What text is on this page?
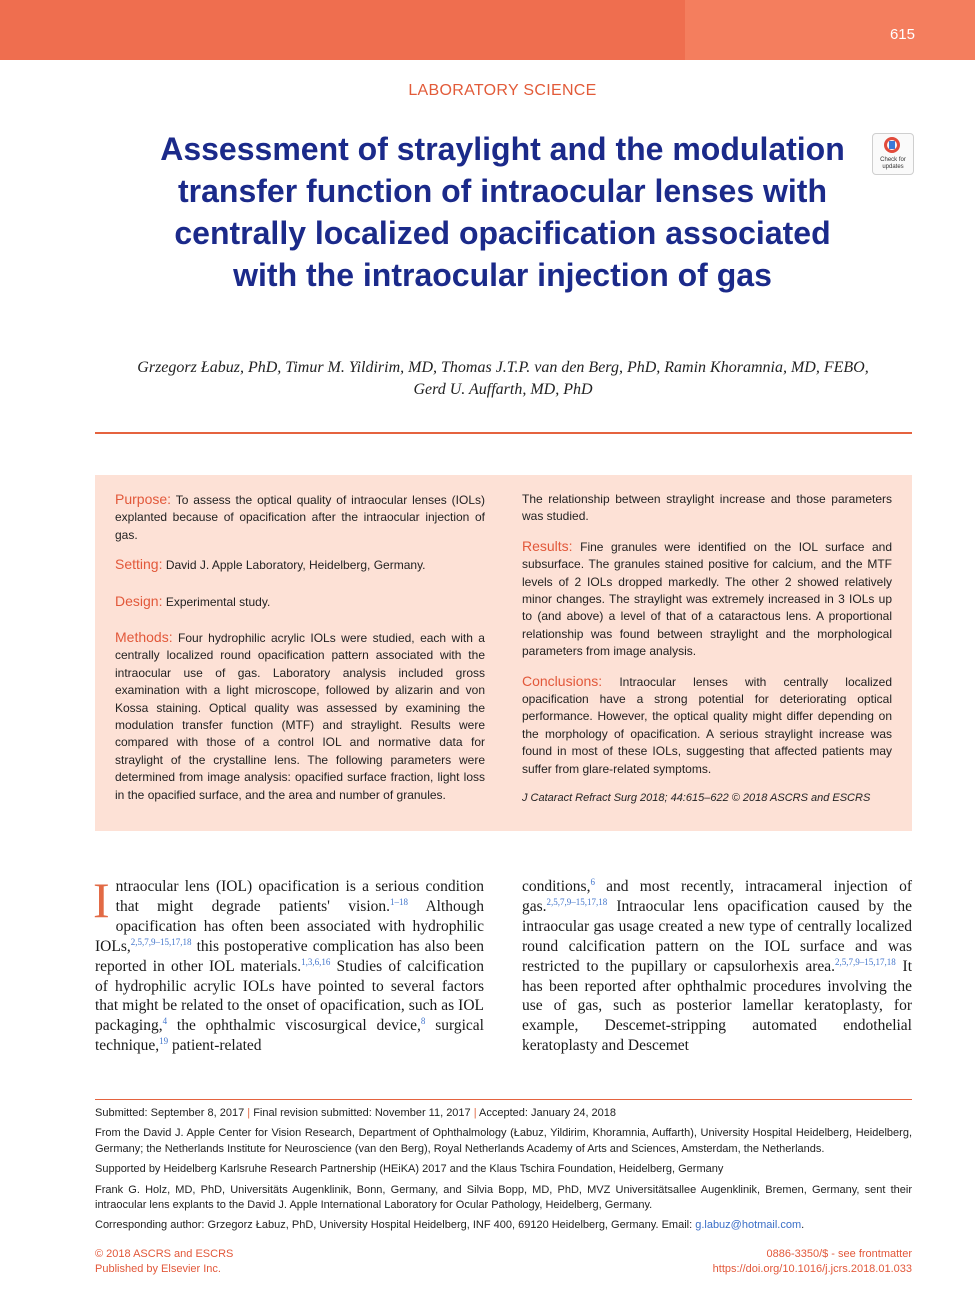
615
LABORATORY SCIENCE
Assessment of straylight and the modulation transfer function of intraocular lenses with centrally localized opacification associated with the intraocular injection of gas
Check for updates
Grzegorz Łabuz, PhD, Timur M. Yildirim, MD, Thomas J.T.P. van den Berg, PhD, Ramin Khoramnia, MD, FEBO,
Gerd U. Auffarth, MD, PhD

Purpose: To assess the optical quality of intraocular lenses (IOLs) explanted because of opacification after the intraocular injection of gas.

Setting: David J. Apple Laboratory, Heidelberg, Germany.

Design: Experimental study.

Methods: Four hydrophilic acrylic IOLs were studied, each with a centrally localized round opacification pattern associated with the intraocular use of gas. Laboratory analysis included gross examination with a light microscope, followed by alizarin and von Kossa staining. Optical quality was assessed by examining the modulation transfer function (MTF) and straylight. Results were compared with those of a control IOL and normative data for straylight of the crystalline lens. The following parameters were determined from image analysis: opacified surface fraction, light loss in the opacified surface, and the area and number of granules.

The relationship between straylight increase and those parameters was studied.

Results: Fine granules were identified on the IOL surface and subsurface. The granules stained positive for calcium, and the MTF levels of 2 IOLs dropped markedly. The other 2 showed relatively minor changes. The straylight was extremely increased in 3 IOLs up to (and above) a level of that of a cataractous lens. A proportional relationship was found between straylight and the morphological parameters from image analysis.

Conclusions: Intraocular lenses with centrally localized opacification have a strong potential for deteriorating optical performance. However, the optical quality might differ depending on the morphology of opacification. A serious straylight increase was found in most of these IOLs, suggesting that affected patients may suffer from glare-related symptoms.

J Cataract Refract Surg 2018; 44:615–622 © 2018 ASCRS and ESCRS

Intraocular lens (IOL) opacification is a serious condition that might degrade patients' vision.$^{1-18}$ Although opacification has often been associated with hydrophilic IOLs,$^{2,5,7,9-15,17,18}$ this postoperative complication has also been reported in other IOL materials.$^{1,3,6,16}$ Studies of calcification of hydrophilic acrylic IOLs have pointed to several factors that might be related to the onset of opacification, such as IOL packaging,$^4$ the ophthalmic viscosurgical device,$^8$ surgical technique,$^{19}$ patient-related

conditions,$^6$ and most recently, intracameral injection of gas.$^{2,5,7,9-15,17,18}$ Intraocular lens opacification caused by the intraocular gas usage created a new type of centrally localized round calcification pattern on the IOL surface and was restricted to the pupillary or capsulorhexis area.$^{2,5,7,9-15,17,18}$ It has been reported after ophthalmic procedures involving the use of gas, such as posterior lamellar keratoplasty, for example, Descemet-stripping automated endothelial keratoplasty and Descemet

Submitted: September 8, 2017 | Final revision submitted: November 11, 2017 | Accepted: January 24, 2018

From the David J. Apple Center for Vision Research, Department of Ophthalmology (Łabuz, Yildirim, Khoramnia, Auffarth), University Hospital Heidelberg, Heidelberg, Germany; the Netherlands Institute for Neuroscience (van den Berg), Royal Netherlands Academy of Arts and Sciences, Amsterdam, the Netherlands.

Supported by Heidelberg Karlsruhe Research Partnership (HEiKA) 2017 and the Klaus Tschira Foundation, Heidelberg, Germany

Frank G. Holz, MD, PhD, Universitäts Augenklinik, Bonn, Germany, and Silvia Bopp, MD, PhD, MVZ Universitätsallee Augenklinik, Bremen, Germany, sent their intraocular lens explants to the David J. Apple International Laboratory for Ocular Pathology, Heidelberg, Germany.

Corresponding author: Grzegorz Łabuz, PhD, University Hospital Heidelberg, INF 400, 69120 Heidelberg, Germany. Email: g.labuz@hotmail.com.

© 2018 ASCRS and ESCRS
Published by Elsevier Inc.
0886-3350/$ - see frontmatter
https://doi.org/10.1016/j.jcrs.2018.01.033
